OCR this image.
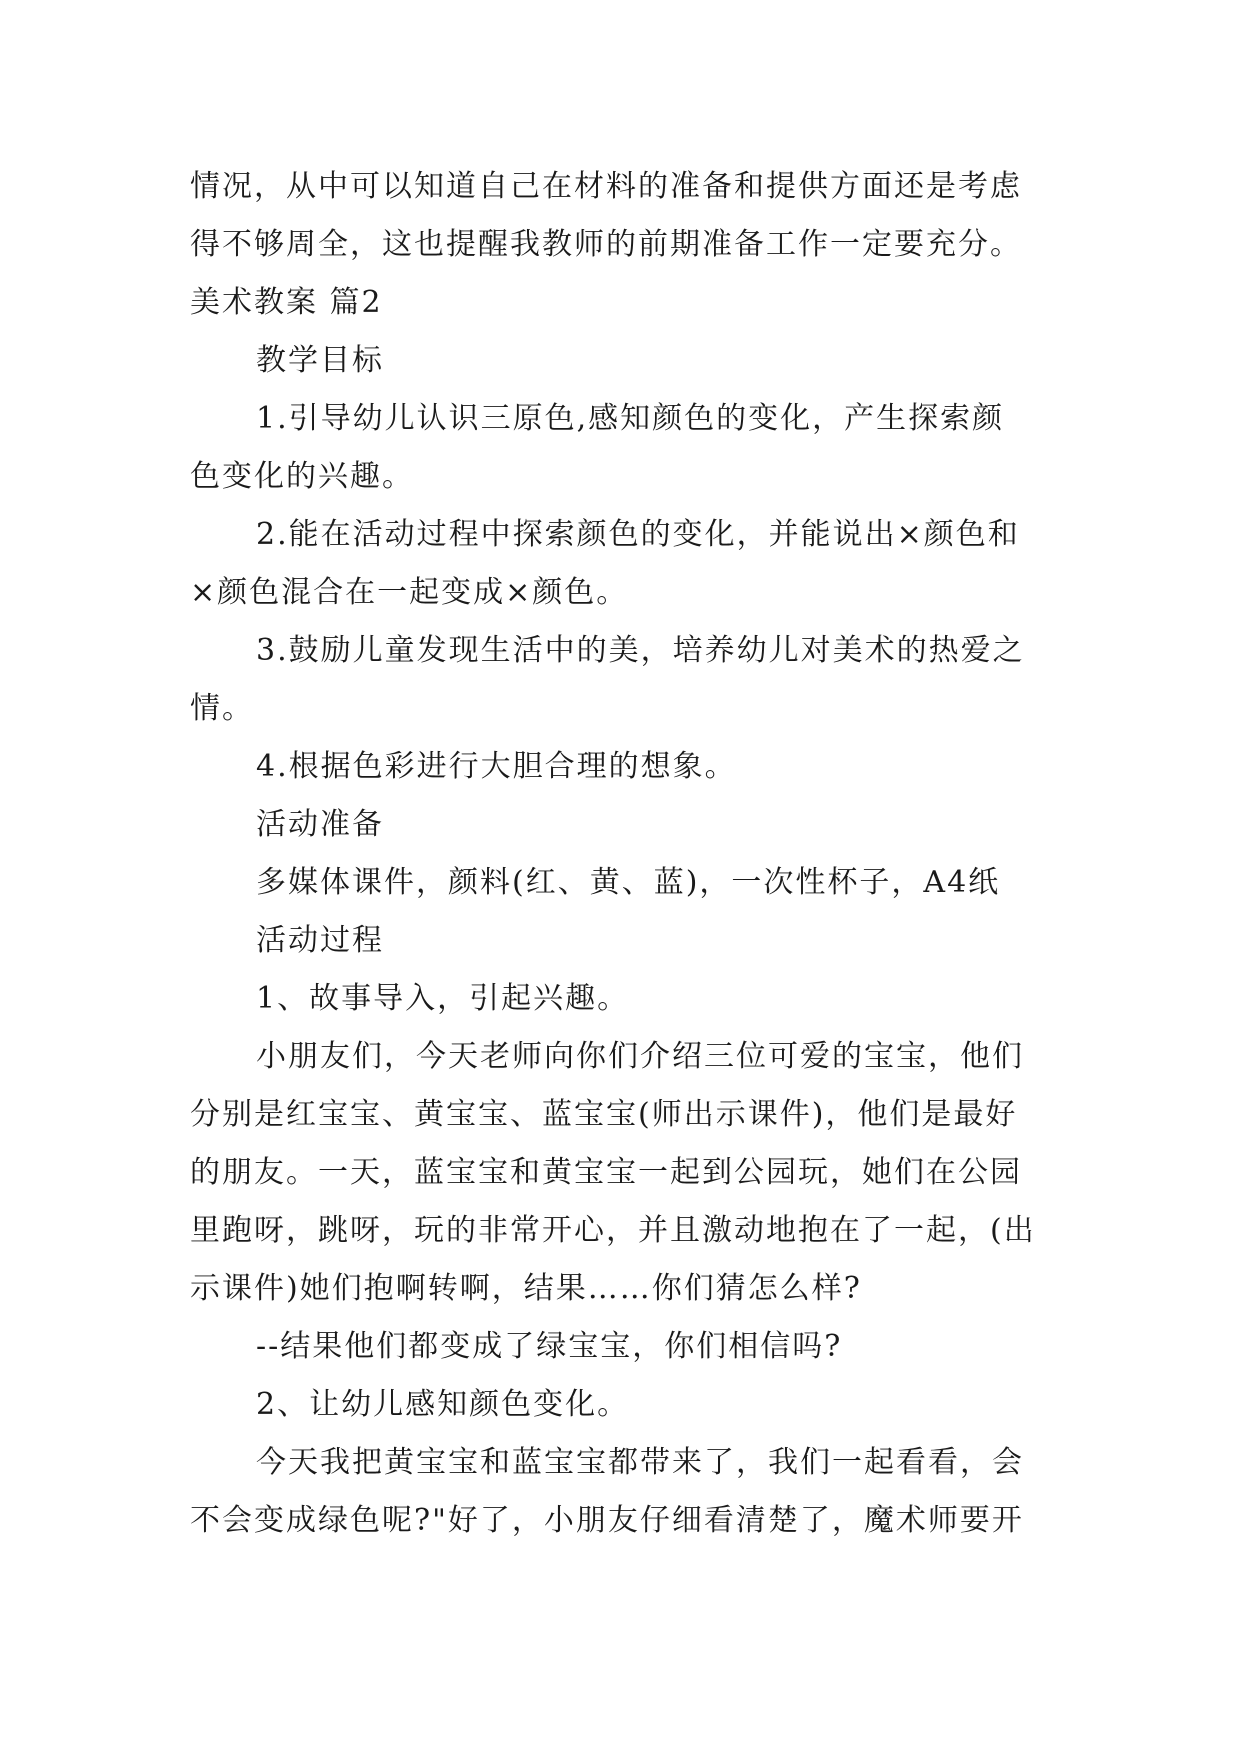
情况，从中可以知道自己在材料的准备和提供方面还是考虑
得不够周全，这也提醒我教师的前期准备工作一定要充分。
美术教案 篇2
教学目标
1.引导幼儿认识三原色,感知颜色的变化，产生探索颜
色变化的兴趣。
2.能在活动过程中探索颜色的变化，并能说出×颜色和
×颜色混合在一起变成×颜色。
3.鼓励儿童发现生活中的美，培养幼儿对美术的热爱之
情。
4.根据色彩进行大胆合理的想象。
活动准备
多媒体课件，颜料(红、黄、蓝)，一次性杯子，A4纸
活动过程
1、故事导入，引起兴趣。
小朋友们，今天老师向你们介绍三位可爱的宝宝，他们
分别是红宝宝、黄宝宝、蓝宝宝(师出示课件)，他们是最好
的朋友。一天，蓝宝宝和黄宝宝一起到公园玩，她们在公园
里跑呀，跳呀，玩的非常开心，并且激动地抱在了一起，(出
示课件)她们抱啊转啊，结果……你们猜怎么样?
--结果他们都变成了绿宝宝，你们相信吗?
2、让幼儿感知颜色变化。
今天我把黄宝宝和蓝宝宝都带来了，我们一起看看，会
不会变成绿色呢?"好了，小朋友仔细看清楚了，魔术师要开
